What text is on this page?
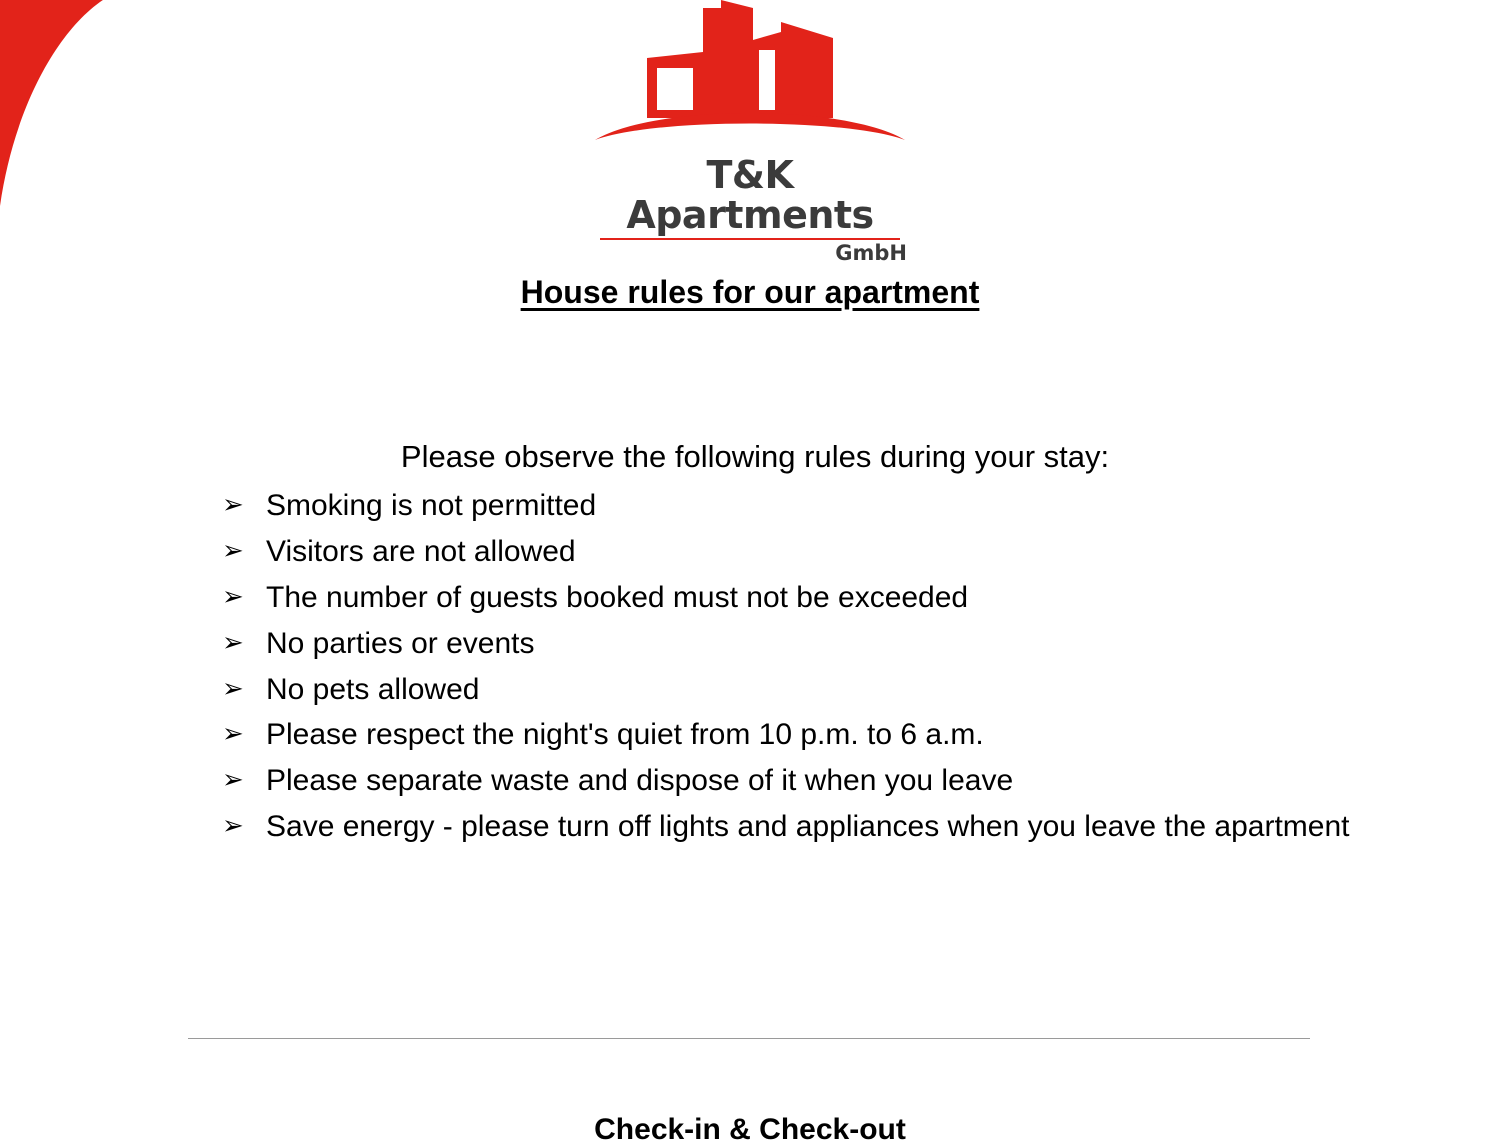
T&K Apartments
GmbH
House rules for our apartment

Please observe the following rules during your stay:

➢ Smoking is not permitted
➢ Visitors are not allowed
➢ The number of guests booked must not be exceeded
➢ No parties or events
➢ No pets allowed
➢ Please respect the night's quiet from 10 p.m. to 6 a.m.
➢ Please separate waste and dispose of it when you leave
➢ Save energy - please turn off lights and appliances when you leave the apartment
Check-in & Check-out
